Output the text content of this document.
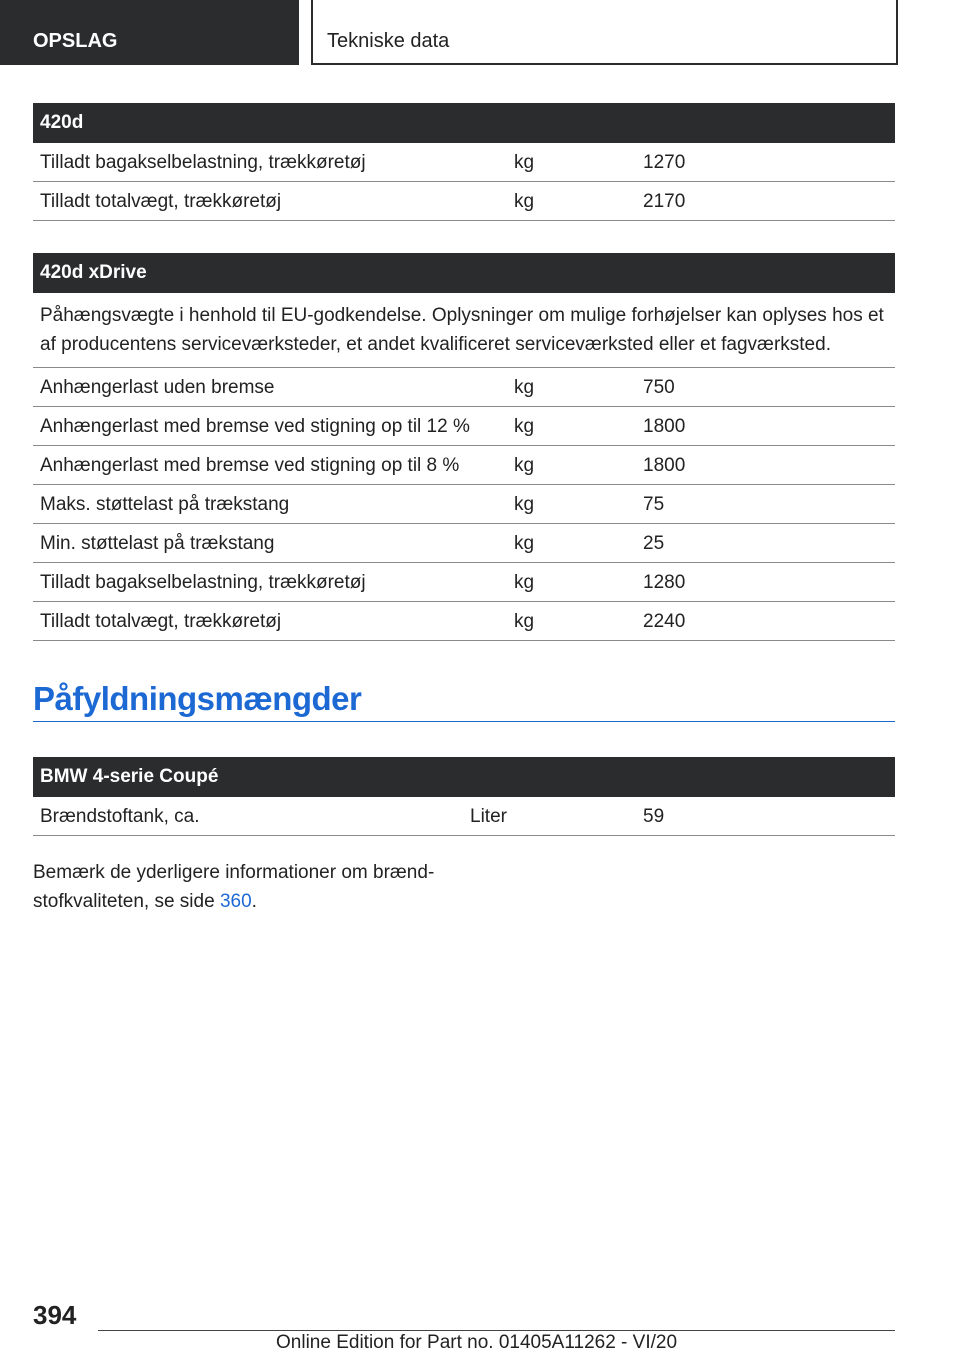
OPSLAG	Tekniske data
420d
Tilladt bagakselbelastning, trækkøretøj	kg	1270
Tilladt totalvægt, trækkøretøj	kg	2170
420d xDrive
Påhængsvægte i henhold til EU-godkendelse. Oplysninger om mulige forhøjelser kan oplyses hos et
af producentens serviceværksteder, et andet kvalificeret serviceværksted eller et fagværksted.
Anhængerlast uden bremse	kg	750
Anhængerlast med bremse ved stigning op til 12 % kg	1800
Anhængerlast med bremse ved stigning op til 8 %	kg	1800
Maks. støttelast på trækstang	kg	75
Min. støttelast på trækstang	kg	25
Tilladt bagakselbelastning, trækkøretøj	kg	1280
Tilladt totalvægt, trækkøretøj	kg	2240
Påfyldningsmængder
BMW 4-serie Coupé
Brændstoftank, ca.	Liter	59
Bemærk de yderligere informationer om brænd-
stofkvaliteten, se side 360.
394
Online Edition for Part no. 01405A11262 - VI/20
